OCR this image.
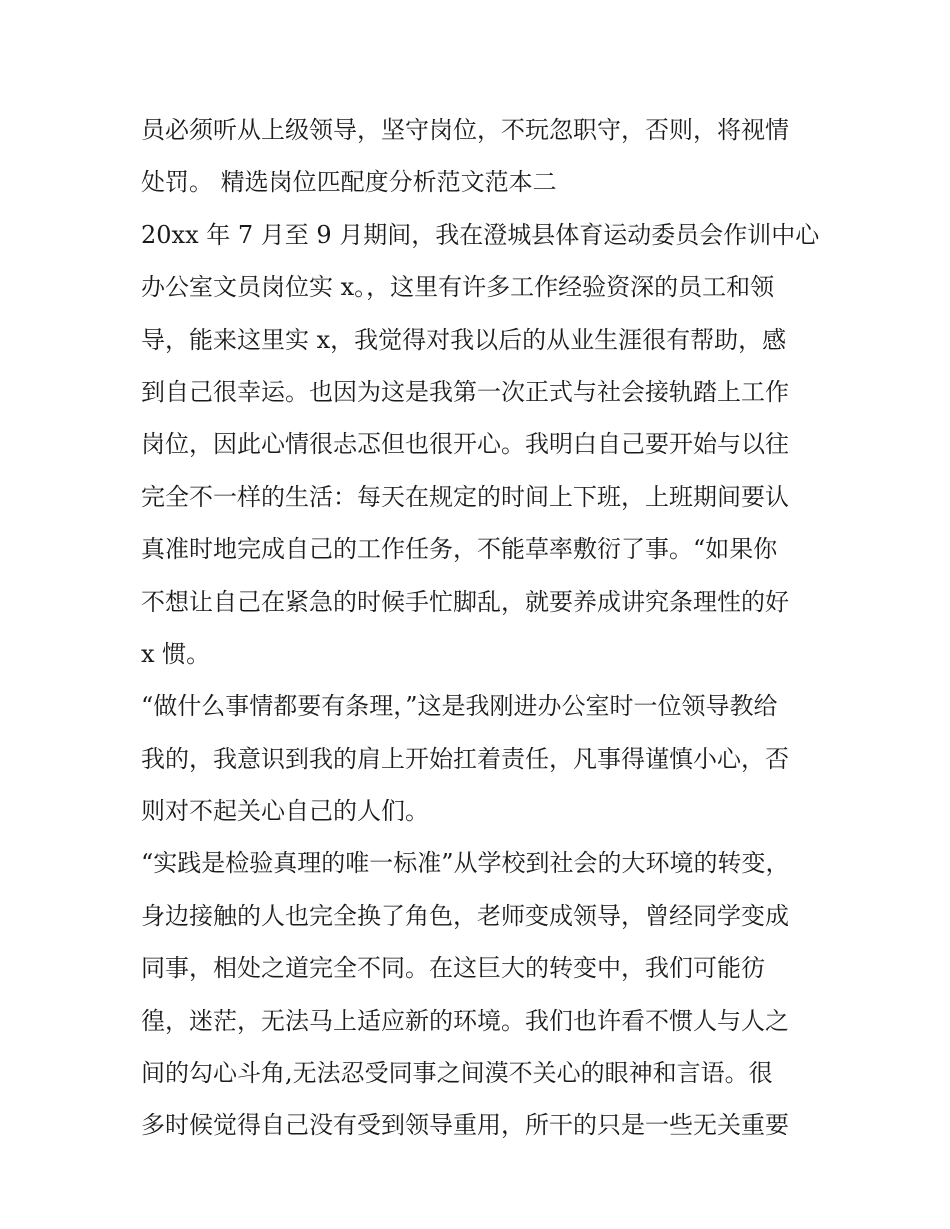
员必须听从上级领导，坚守岗位，不玩忽职守，否则，将视情
处罚。 精选岗位匹配度分析范文范本二
20xx 年 7 月至 9 月期间，我在澄城县体育运动委员会作训中心
办公室文员岗位实 x。，这里有许多工作经验资深的员工和领
导，能来这里实 x，我觉得对我以后的从业生涯很有帮助，感
到自己很幸运。也因为这是我第一次正式与社会接轨踏上工作
岗位，因此心情很忐忑但也很开心。我明白自己要开始与以往
完全不一样的生活：每天在规定的时间上下班，上班期间要认
真准时地完成自己的工作任务，不能草率敷衍了事。“如果你
不想让自己在紧急的时候手忙脚乱，就要养成讲究条理性的好
x 惯。
“做什么事情都要有条理，”这是我刚进办公室时一位领导教给
我的，我意识到我的肩上开始扛着责任，凡事得谨慎小心，否
则对不起关心自己的人们。
“实践是检验真理的唯一标准”从学校到社会的大环境的转变，
身边接触的人也完全换了角色，老师变成领导，曾经同学变成
同事，相处之道完全不同。在这巨大的转变中，我们可能彷
徨，迷茫，无法马上适应新的环境。我们也许看不惯人与人之
间的勾心斗角,无法忍受同事之间漠不关心的眼神和言语。很
多时候觉得自己没有受到领导重用，所干的只是一些无关重要
